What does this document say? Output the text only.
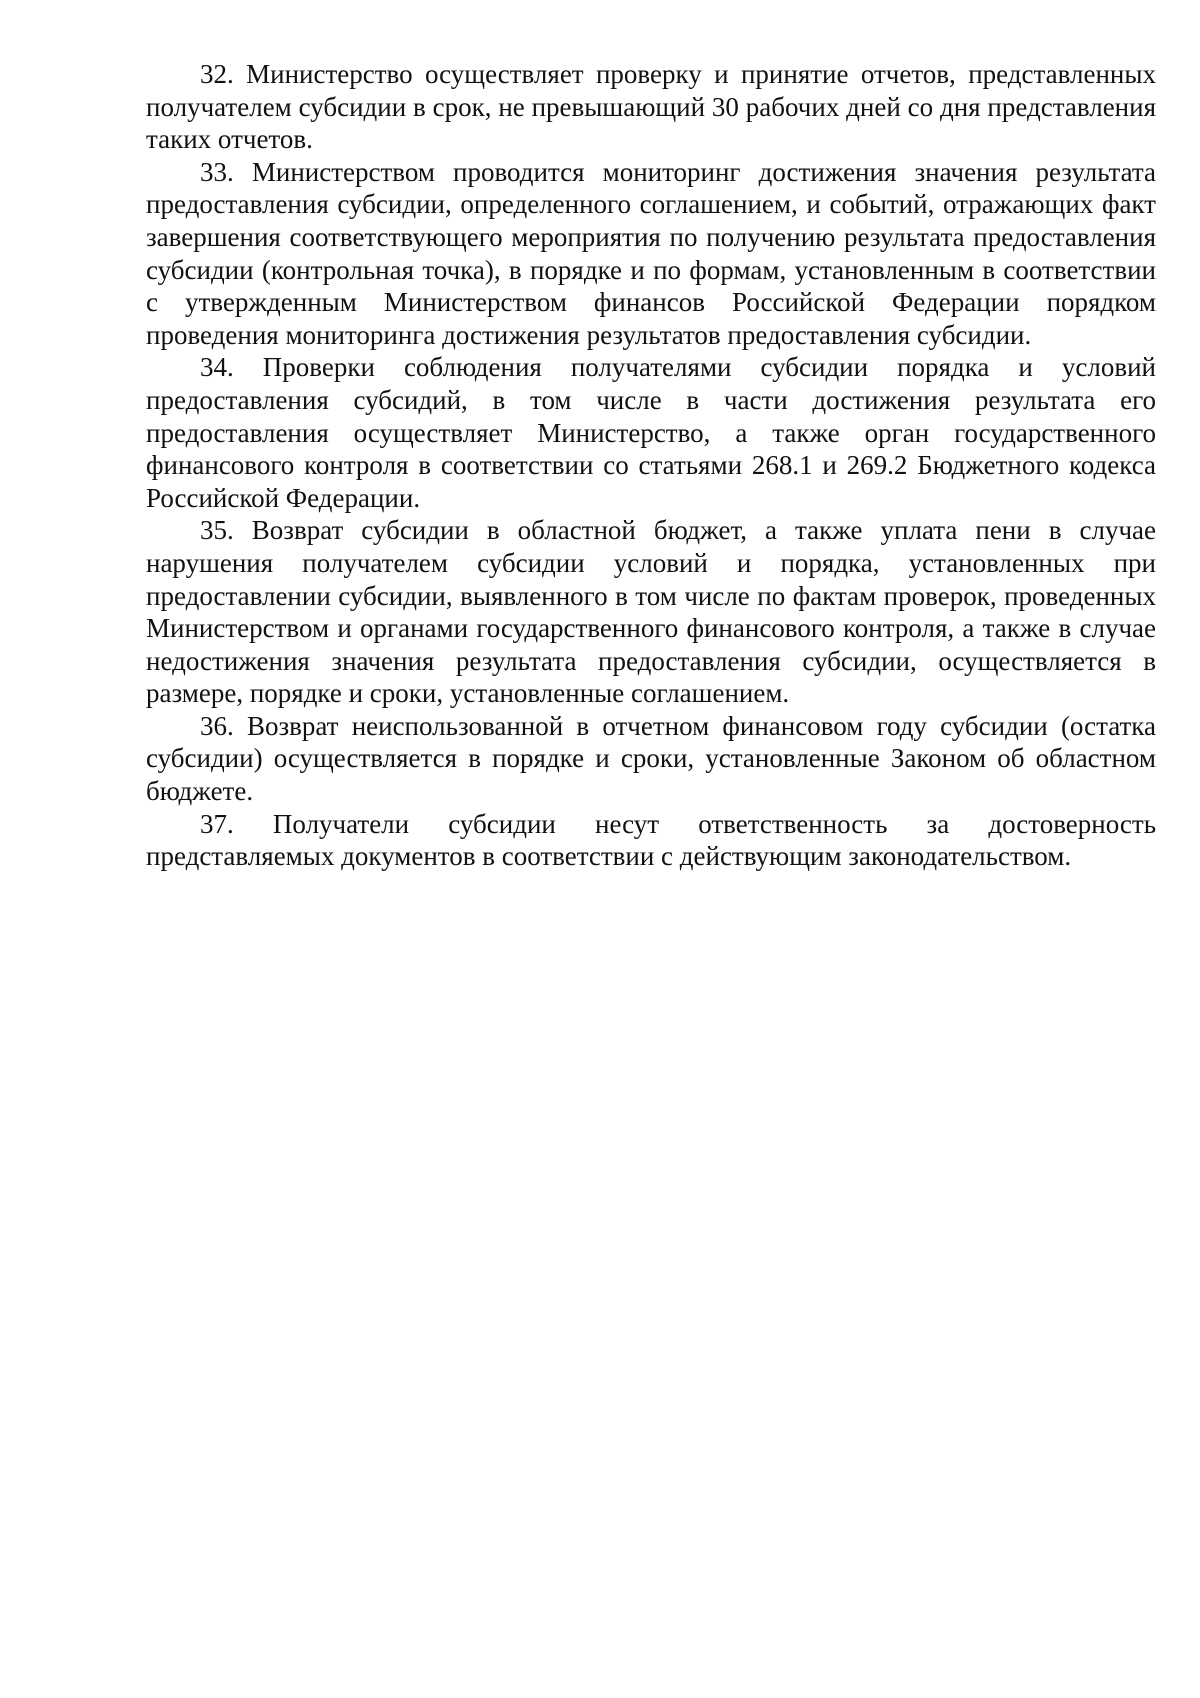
32. Министерство осуществляет проверку и принятие отчетов, представленных получателем субсидии в срок, не превышающий 30 рабочих дней со дня представления таких отчетов.

33. Министерством проводится мониторинг достижения значения результата предоставления субсидии, определенного соглашением, и событий, отражающих факт завершения соответствующего мероприятия по получению результата предоставления субсидии (контрольная точка), в порядке и по формам, установленным в соответствии с утвержденным Министерством финансов Российской Федерации порядком проведения мониторинга достижения результатов предоставления субсидии.

34. Проверки соблюдения получателями субсидии порядка и условий предоставления субсидий, в том числе в части достижения результата его предоставления осуществляет Министерство, а также орган государственного финансового контроля в соответствии со статьями 268.1 и 269.2 Бюджетного кодекса Российской Федерации.

35. Возврат субсидии в областной бюджет, а также уплата пени в случае нарушения получателем субсидии условий и порядка, установленных при предоставлении субсидии, выявленного в том числе по фактам проверок, проведенных Министерством и органами государственного финансового контроля, а также в случае недостижения значения результата предоставления субсидии, осуществляется в размере, порядке и сроки, установленные соглашением.

36. Возврат неиспользованной в отчетном финансовом году субсидии (остатка субсидии) осуществляется в порядке и сроки, установленные Законом об областном бюджете.

37. Получатели субсидии несут ответственность за достоверность представляемых документов в соответствии с действующим законодательством.
